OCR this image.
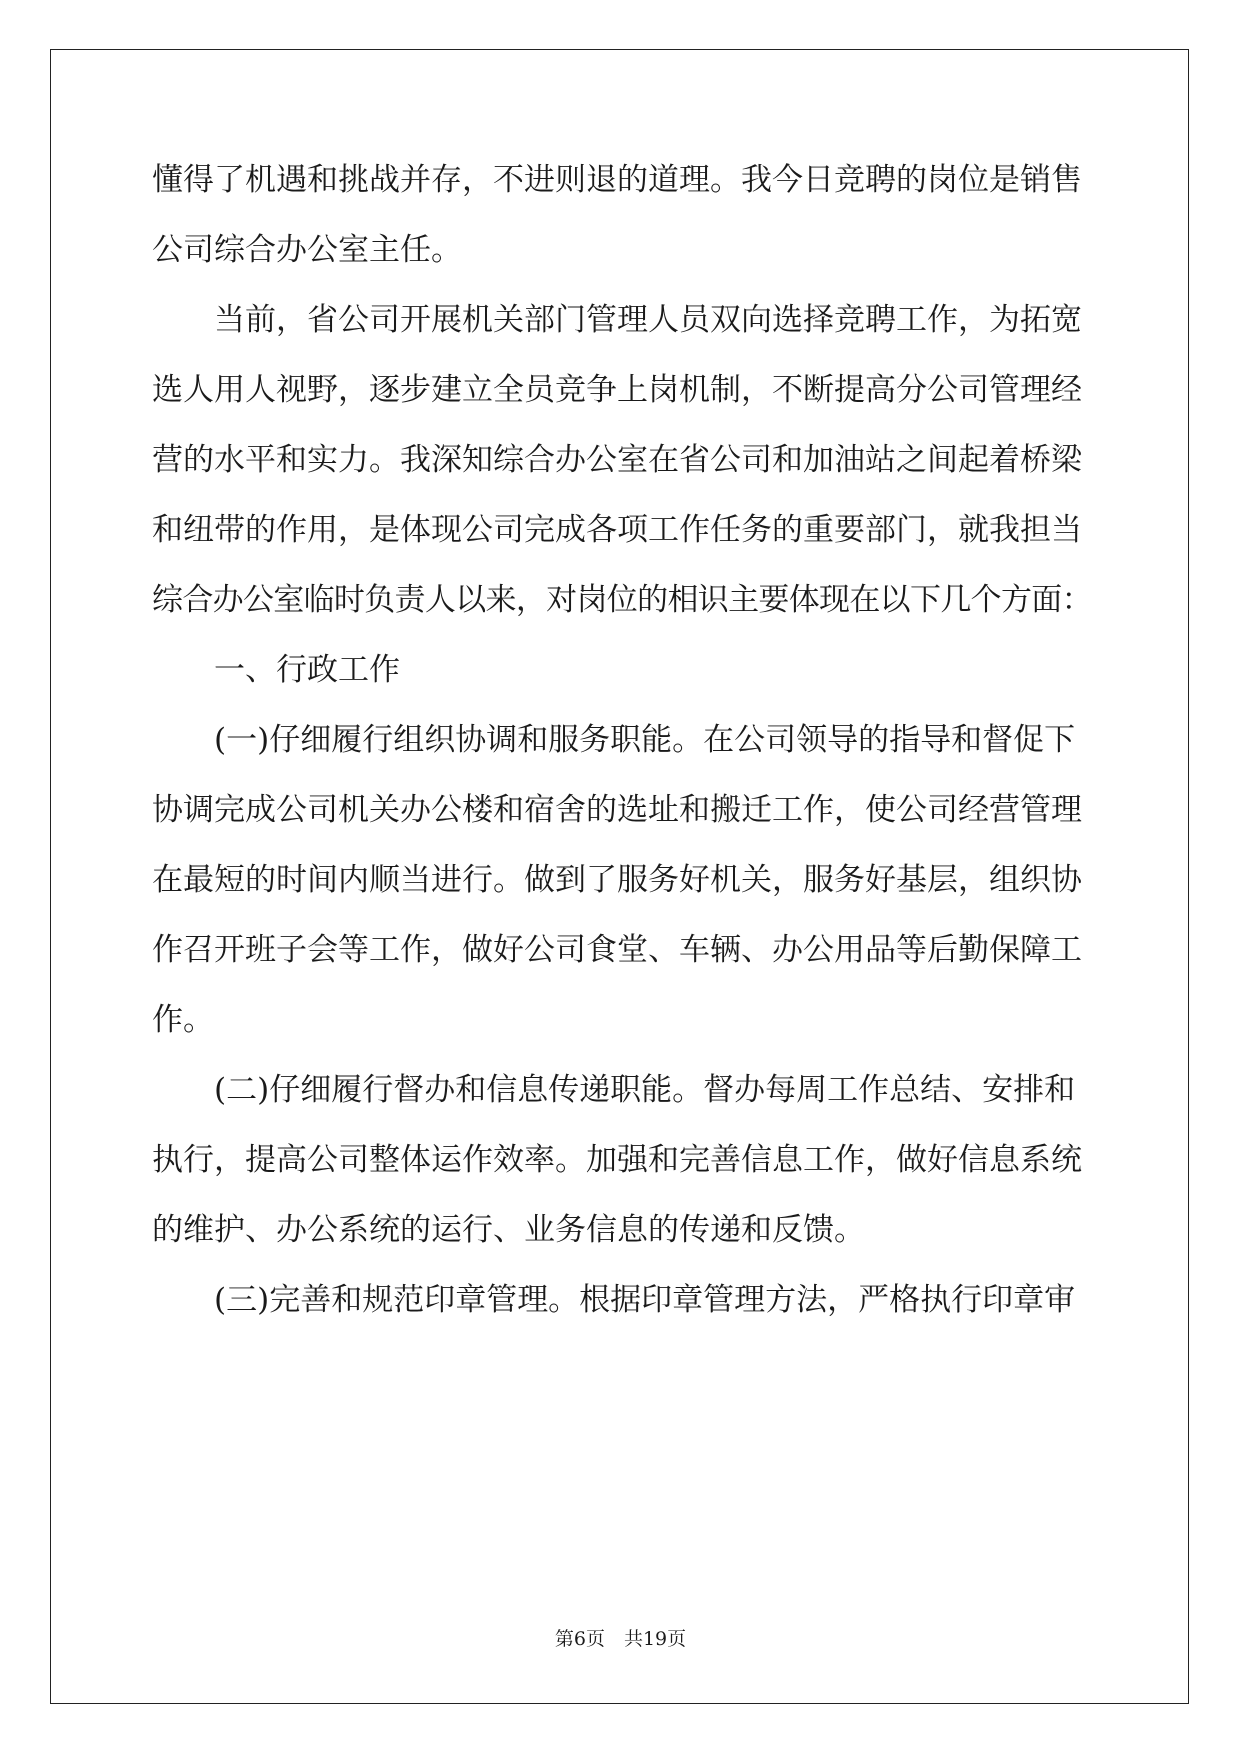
懂得了机遇和挑战并存，不进则退的道理。我今日竞聘的岗位是销售
公司综合办公室主任。
当前，省公司开展机关部门管理人员双向选择竞聘工作，为拓宽
选人用人视野，逐步建立全员竞争上岗机制，不断提高分公司管理经
营的水平和实力。我深知综合办公室在省公司和加油站之间起着桥梁
和纽带的作用，是体现公司完成各项工作任务的重要部门，就我担当
综合办公室临时负责人以来，对岗位的相识主要体现在以下几个方面：
一、行政工作
(一)仔细履行组织协调和服务职能。在公司领导的指导和督促下
协调完成公司机关办公楼和宿舍的选址和搬迁工作，使公司经营管理
在最短的时间内顺当进行。做到了服务好机关，服务好基层，组织协
作召开班子会等工作，做好公司食堂、车辆、办公用品等后勤保障工
作。
(二)仔细履行督办和信息传递职能。督办每周工作总结、安排和
执行，提高公司整体运作效率。加强和完善信息工作，做好信息系统
的维护、办公系统的运行、业务信息的传递和反馈。
(三)完善和规范印章管理。根据印章管理方法，严格执行印章审
第6页　共19页
